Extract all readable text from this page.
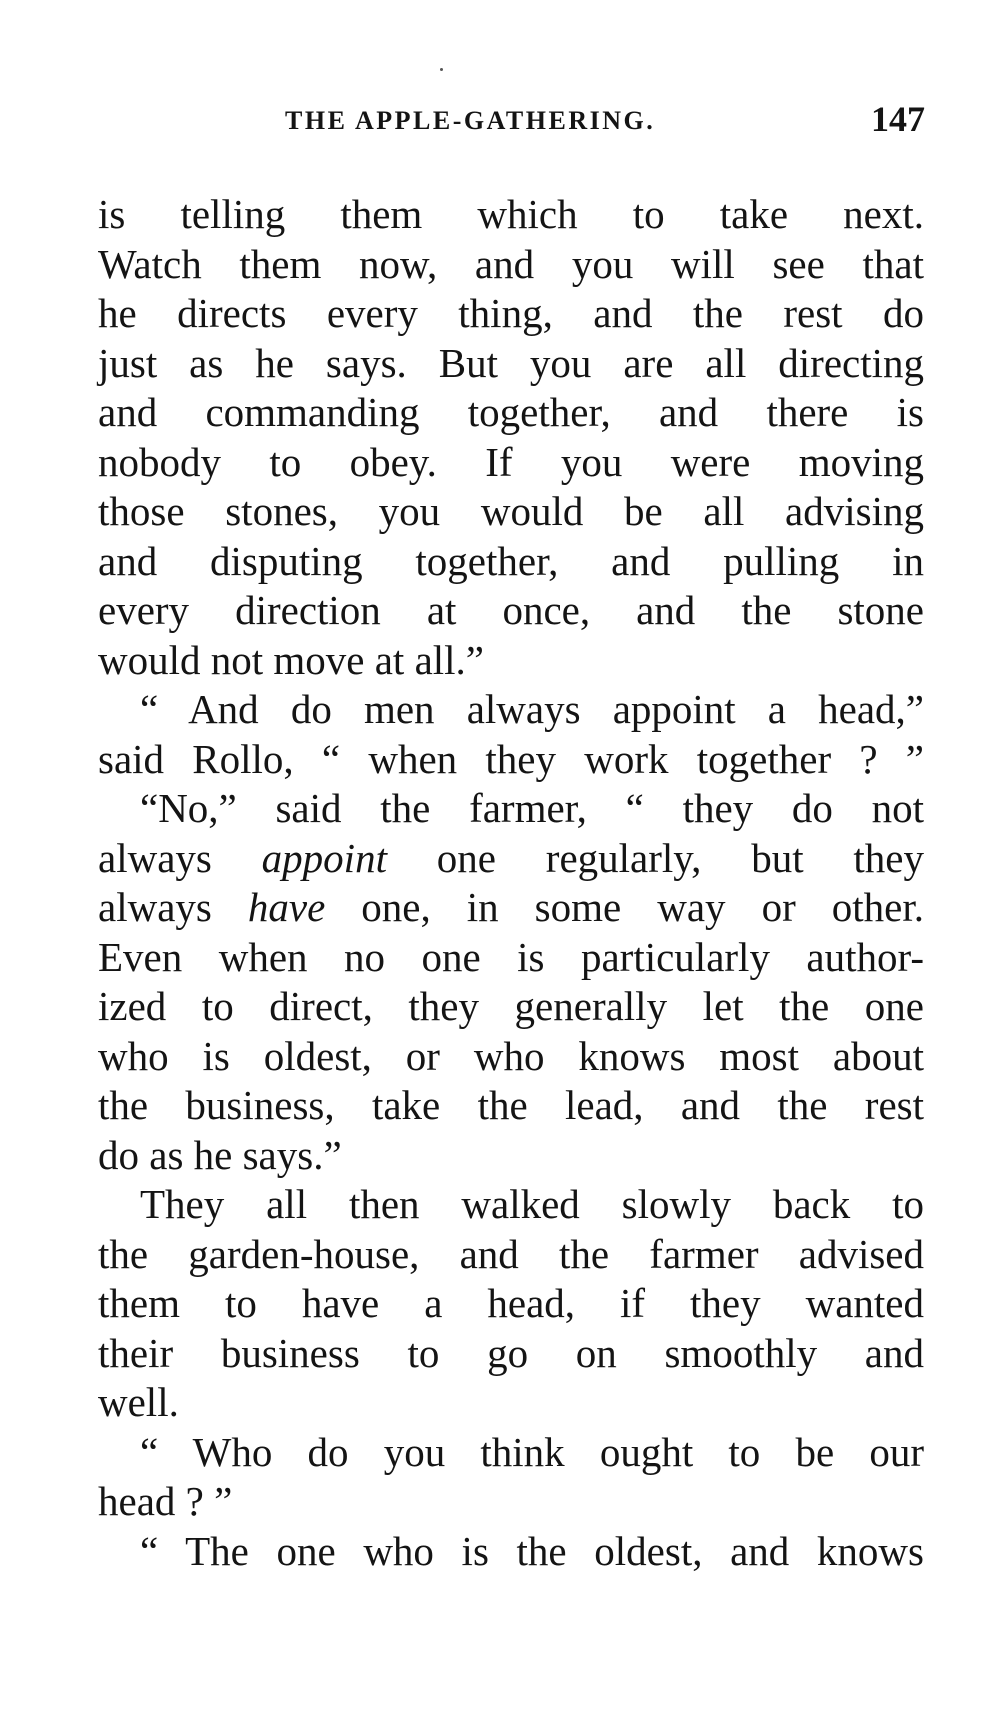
THE APPLE-GATHERING.	147
is telling them which to take next.
Watch them now, and you will see that
he directs every thing, and the rest do
just as he says. But you are all directing
and commanding together, and there is
nobody to obey. If you were moving
those stones, you would be all advising
and disputing together, and pulling in
every direction at once, and the stone
would not move at all.”
“ And do men always appoint a head,”
said Rollo, “ when they work together ? ”
“No,” said the farmer, “ they do not
always appoint one regularly, but they
always have one, in some way or other.
Even when no one is particularly author-
ized to direct, they generally let the one
who is oldest, or who knows most about
the business, take the lead, and the rest
do as he says.”
They all then walked slowly back to
the garden-house, and the farmer advised
them to have a head, if they wanted
their business to go on smoothly and
well.
“ Who do you think ought to be our
head ? ”
“ The one who is the oldest, and knows
